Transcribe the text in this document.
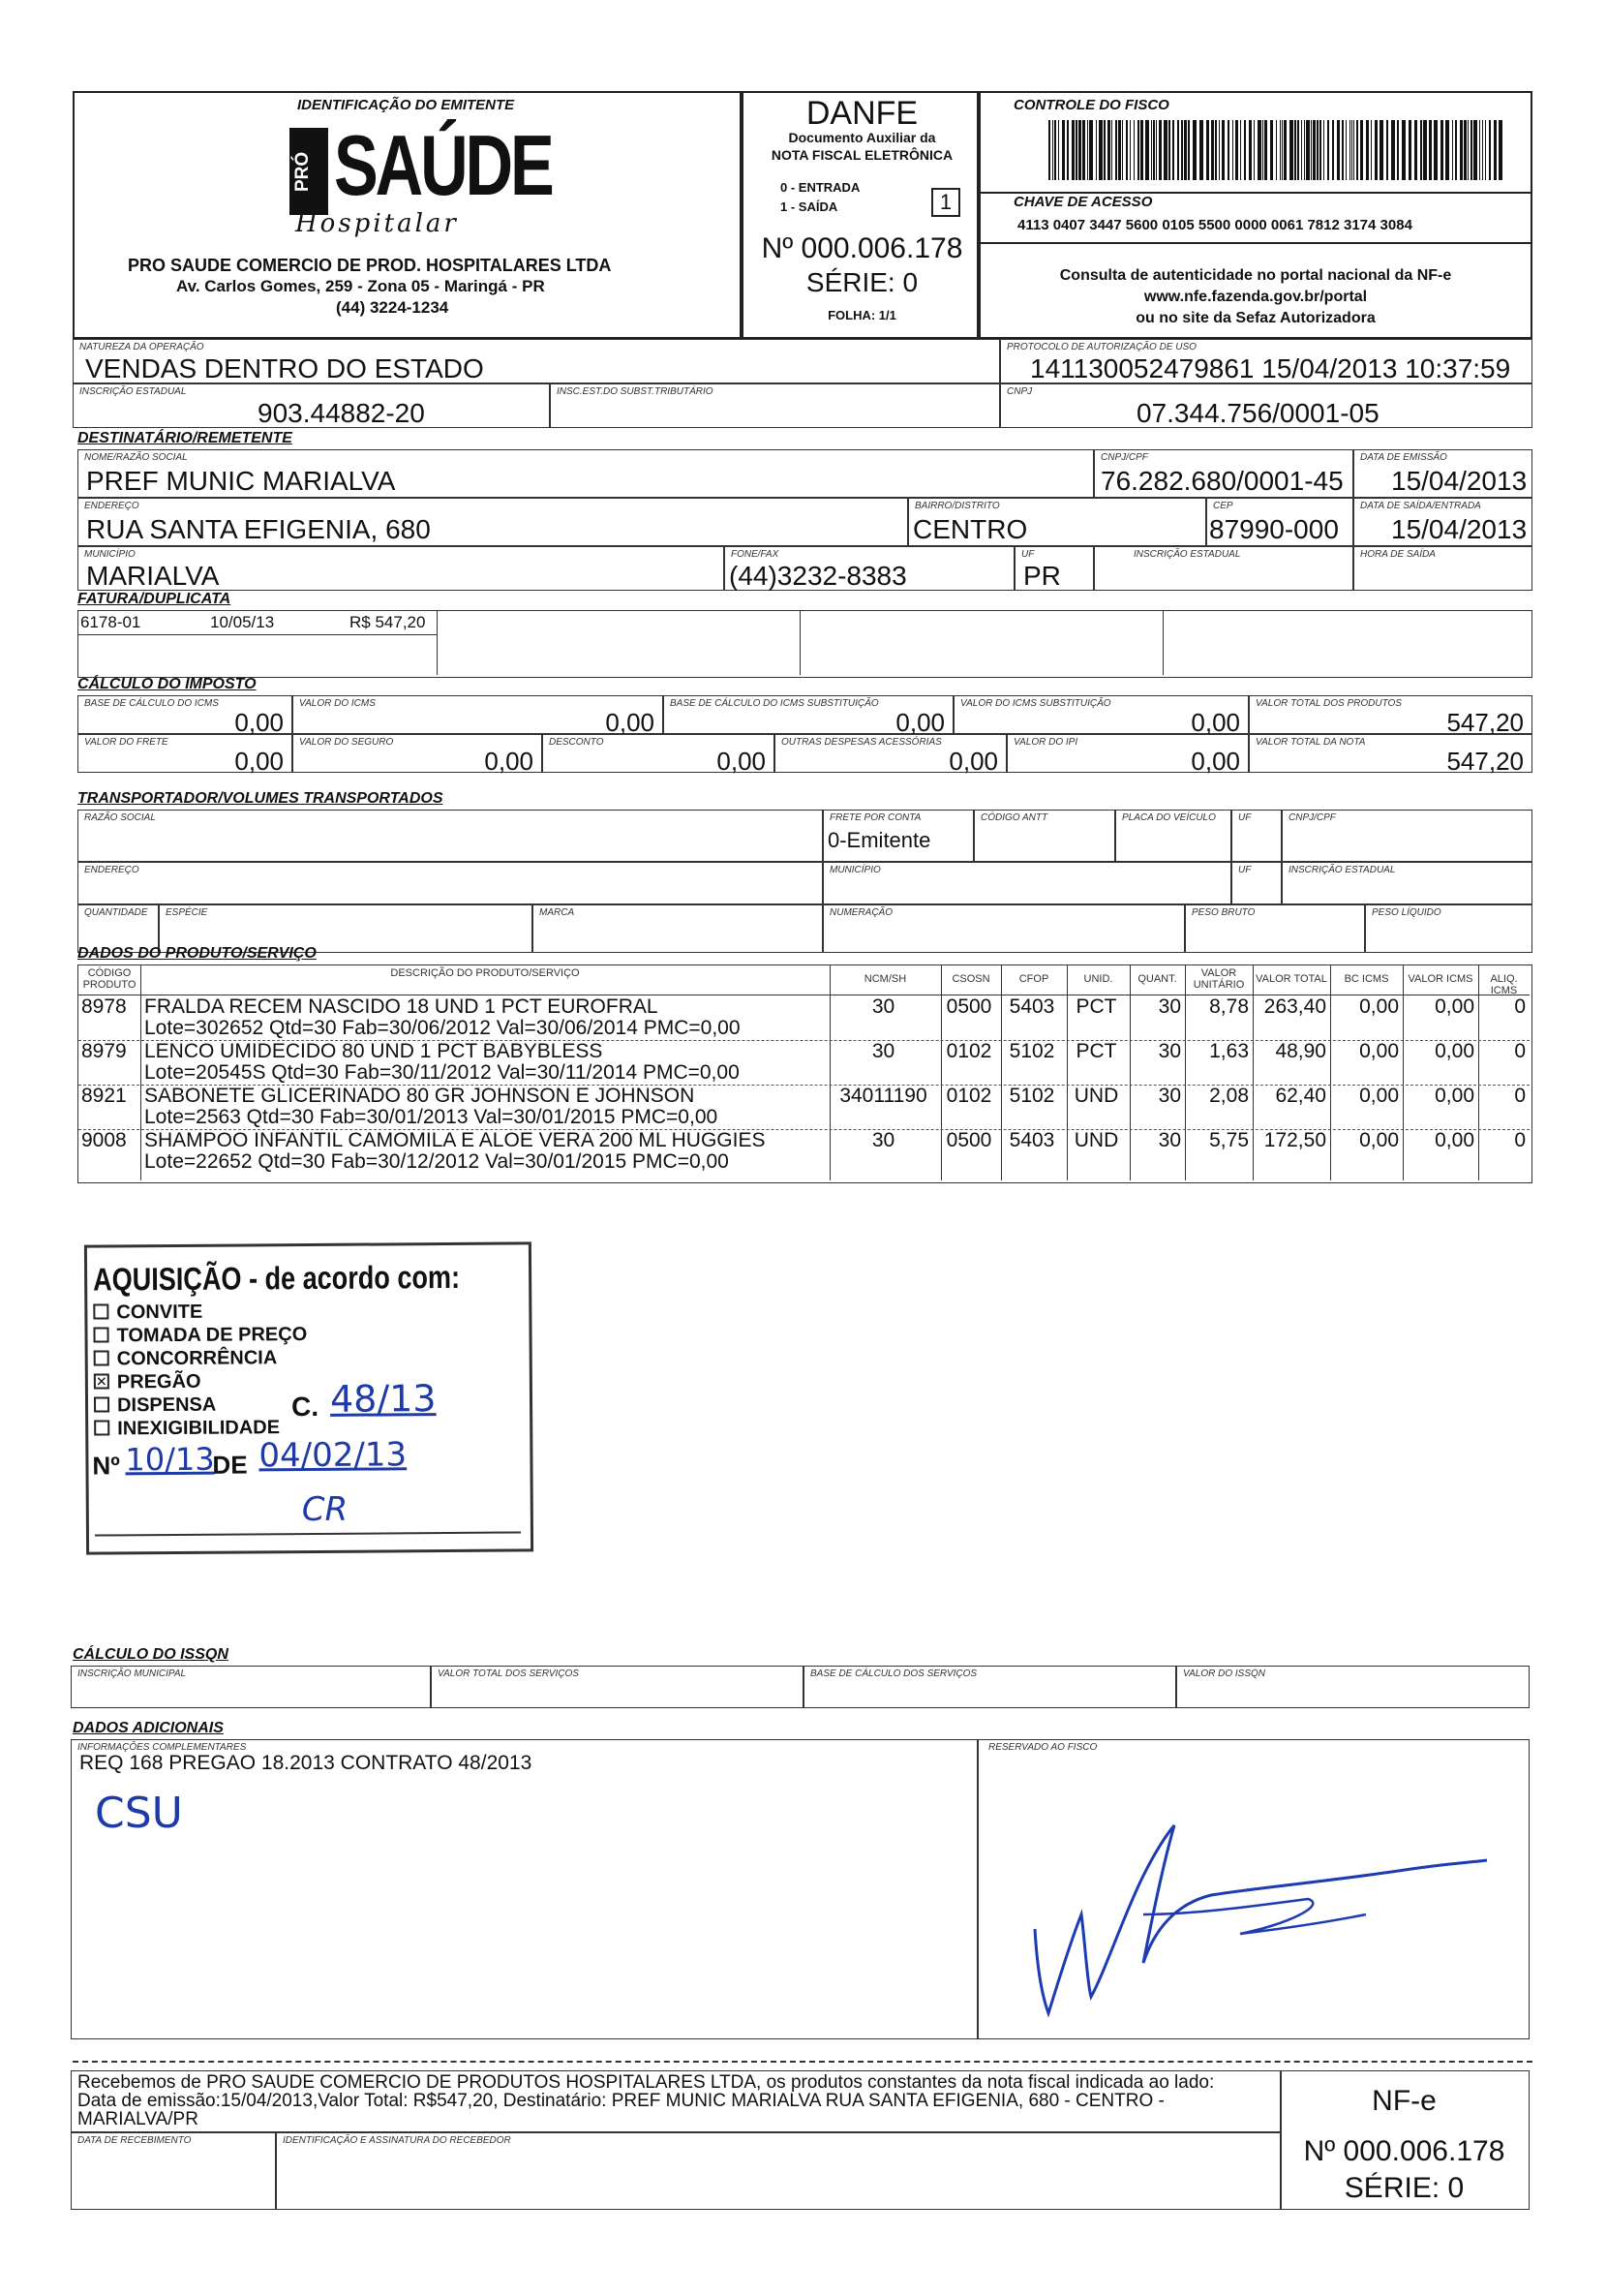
IDENTIFICAÇÃO DO EMITENTE
PRÓ SAÚDE
Hospitalar
PRO SAUDE COMERCIO DE PROD. HOSPITALARES LTDA
Av. Carlos Gomes, 259 - Zona 05 - Maringá - PR
(44) 3224-1234
DANFE
Documento Auxiliar da
NOTA FISCAL ELETRÔNICA
0 - ENTRADA
1 - SAÍDA	1
Nº 000.006.178
SÉRIE: 0
FOLHA: 1/1
CONTROLE DO FISCO
CHAVE DE ACESSO
4113 0407 3447 5600 0105 5500 0000 0061 7812 3174 3084
Consulta de autenticidade no portal nacional da NF-e
www.nfe.fazenda.gov.br/portal
ou no site da Sefaz Autorizadora
NATUREZA DA OPERAÇÃO
VENDAS DENTRO DO ESTADO
PROTOCOLO DE AUTORIZAÇÃO DE USO
141130052479861 15/04/2013 10:37:59
INSCRIÇÃO ESTADUAL
903.44882-20
INSC.EST.DO SUBST.TRIBUTÁRIO	CNPJ
07.344.756/0001-05
DESTINATÁRIO/REMETENTE
NOME/RAZÃO SOCIAL
PREF MUNIC MARIALVA
CNPJ/CPF
76.282.680/0001-45
DATA DE EMISSÃO
15/04/2013
ENDEREÇO
RUA SANTA EFIGENIA, 680
BAIRRO/DISTRITO
CENTRO
CEP
87990-000
DATA DE SAÍDA/ENTRADA
15/04/2013
MUNICÍPIO
MARIALVA
FONE/FAX
(44)3232-8383
UF
PR
INSCRIÇÃO ESTADUAL	HORA DE SAÍDA
FATURA/DUPLICATA
6178-01	10/05/13	R$ 547,20
CÁLCULO DO IMPOSTO
TRANSPORTADOR/VOLUMES TRANSPORTADOS
RAZÃO SOCIAL	FRETE POR CONTA
0-Emitente
CÓDIGO ANTT	PLACA DO VEÍCULO UF	CNPJ/CPF
ENDEREÇO	MUNICÍPIO	UF	INSCRIÇÃO ESTADUAL
QUANTIDADE ESPÉCIE	MARCA	NUMERAÇÃO	PESO BRUTO	PESO LÍQUIDO
DADOS DO PRODUTO/SERVIÇO
CÓDIGO PRODUTO
DESCRIÇÃO DO PRODUTO/SERVIÇO	NCM/SH	CSOSN	CFOP	UNID.	QUANT.	VALOR UNITÁRIO	VALOR TOTAL	BC ICMS	VALOR ICMS	ALIQ. ICMS
8978 FRALDA RECEM NASCIDO 18 UND 1 PCT EUROFRAL
Lote=302652 Qtd=30 Fab=30/06/2012 Val=30/06/2014 PMC=0,00
30	0500 5403	PCT	30	8,78 263,40	0,00	0,00	0
8979 LENCO UMIDECIDO 80 UND 1 PCT BABYBLESS
Lote=20545S Qtd=30 Fab=30/11/2012 Val=30/11/2014 PMC=0,00
30	0102 5102	PCT	30	1,63	48,90	0,00	0,00	0
8921 SABONETE GLICERINADO 80 GR JOHNSON E JOHNSON
Lote=2563 Qtd=30 Fab=30/01/2013 Val=30/01/2015 PMC=0,00
34011190 0102 5102 UND	30	2,08	62,40	0,00	0,00	0
9008 SHAMPOO INFANTIL CAMOMILA E ALOE VERA 200 ML HUGGIES
Lote=22652 Qtd=30 Fab=30/12/2012 Val=30/01/2015 PMC=0,00
30	0500 5403 UND	30	5,75 172,50	0,00	0,00	0
AQUISIÇÃO - de acordo com:
C. 48/13
Nº 10/13
DE 04/02/13
CR
CONVITE
TOMADA DE PREÇO
CONCORRÊNCIA
✕ PREGÃO
DISPENSA
INEXIGIBILIDADE
CÁLCULO DO ISSQN
DADOS ADICIONAIS
INFORMAÇÕES COMPLEMENTARES
REQ 168 PREGAO 18.2013 CONTRATO 48/2013
CSU
RESERVADO AO FISCO
Recebemos de PRO SAUDE COMERCIO DE PRODUTOS HOSPITALARES LTDA, os produtos constantes da nota fiscal indicada ao lado:
Data de emissão:15/04/2013,Valor Total: R$547,20, Destinatário: PREF MUNIC MARIALVA RUA SANTA EFIGENIA, 680 - CENTRO -
MARIALVA/PR
DATA DE RECEBIMENTO	IDENTIFICAÇÃO E ASSINATURA DO RECEBEDOR
NF-e
Nº 000.006.178
SÉRIE: 0
BASE DE CÁLCULO DO ICMS
0,00
VALOR DO ICMS
0,00
BASE DE CÁLCULO DO ICMS SUBSTITUIÇÃO
0,00
VALOR DO ICMS SUBSTITUIÇÃO
0,00
VALOR TOTAL DOS PRODUTOS
547,20
VALOR DO FRETE
0,00
VALOR DO SEGURO
0,00
DESCONTO
0,00
OUTRAS DESPESAS ACESSÓRIAS
0,00
VALOR DO IPI
0,00
VALOR TOTAL DA NOTA
547,20
INSCRIÇÃO MUNICIPAL	VALOR TOTAL DOS SERVIÇOS	BASE DE CÁLCULO DOS SERVIÇOS	VALOR DO ISSQN
